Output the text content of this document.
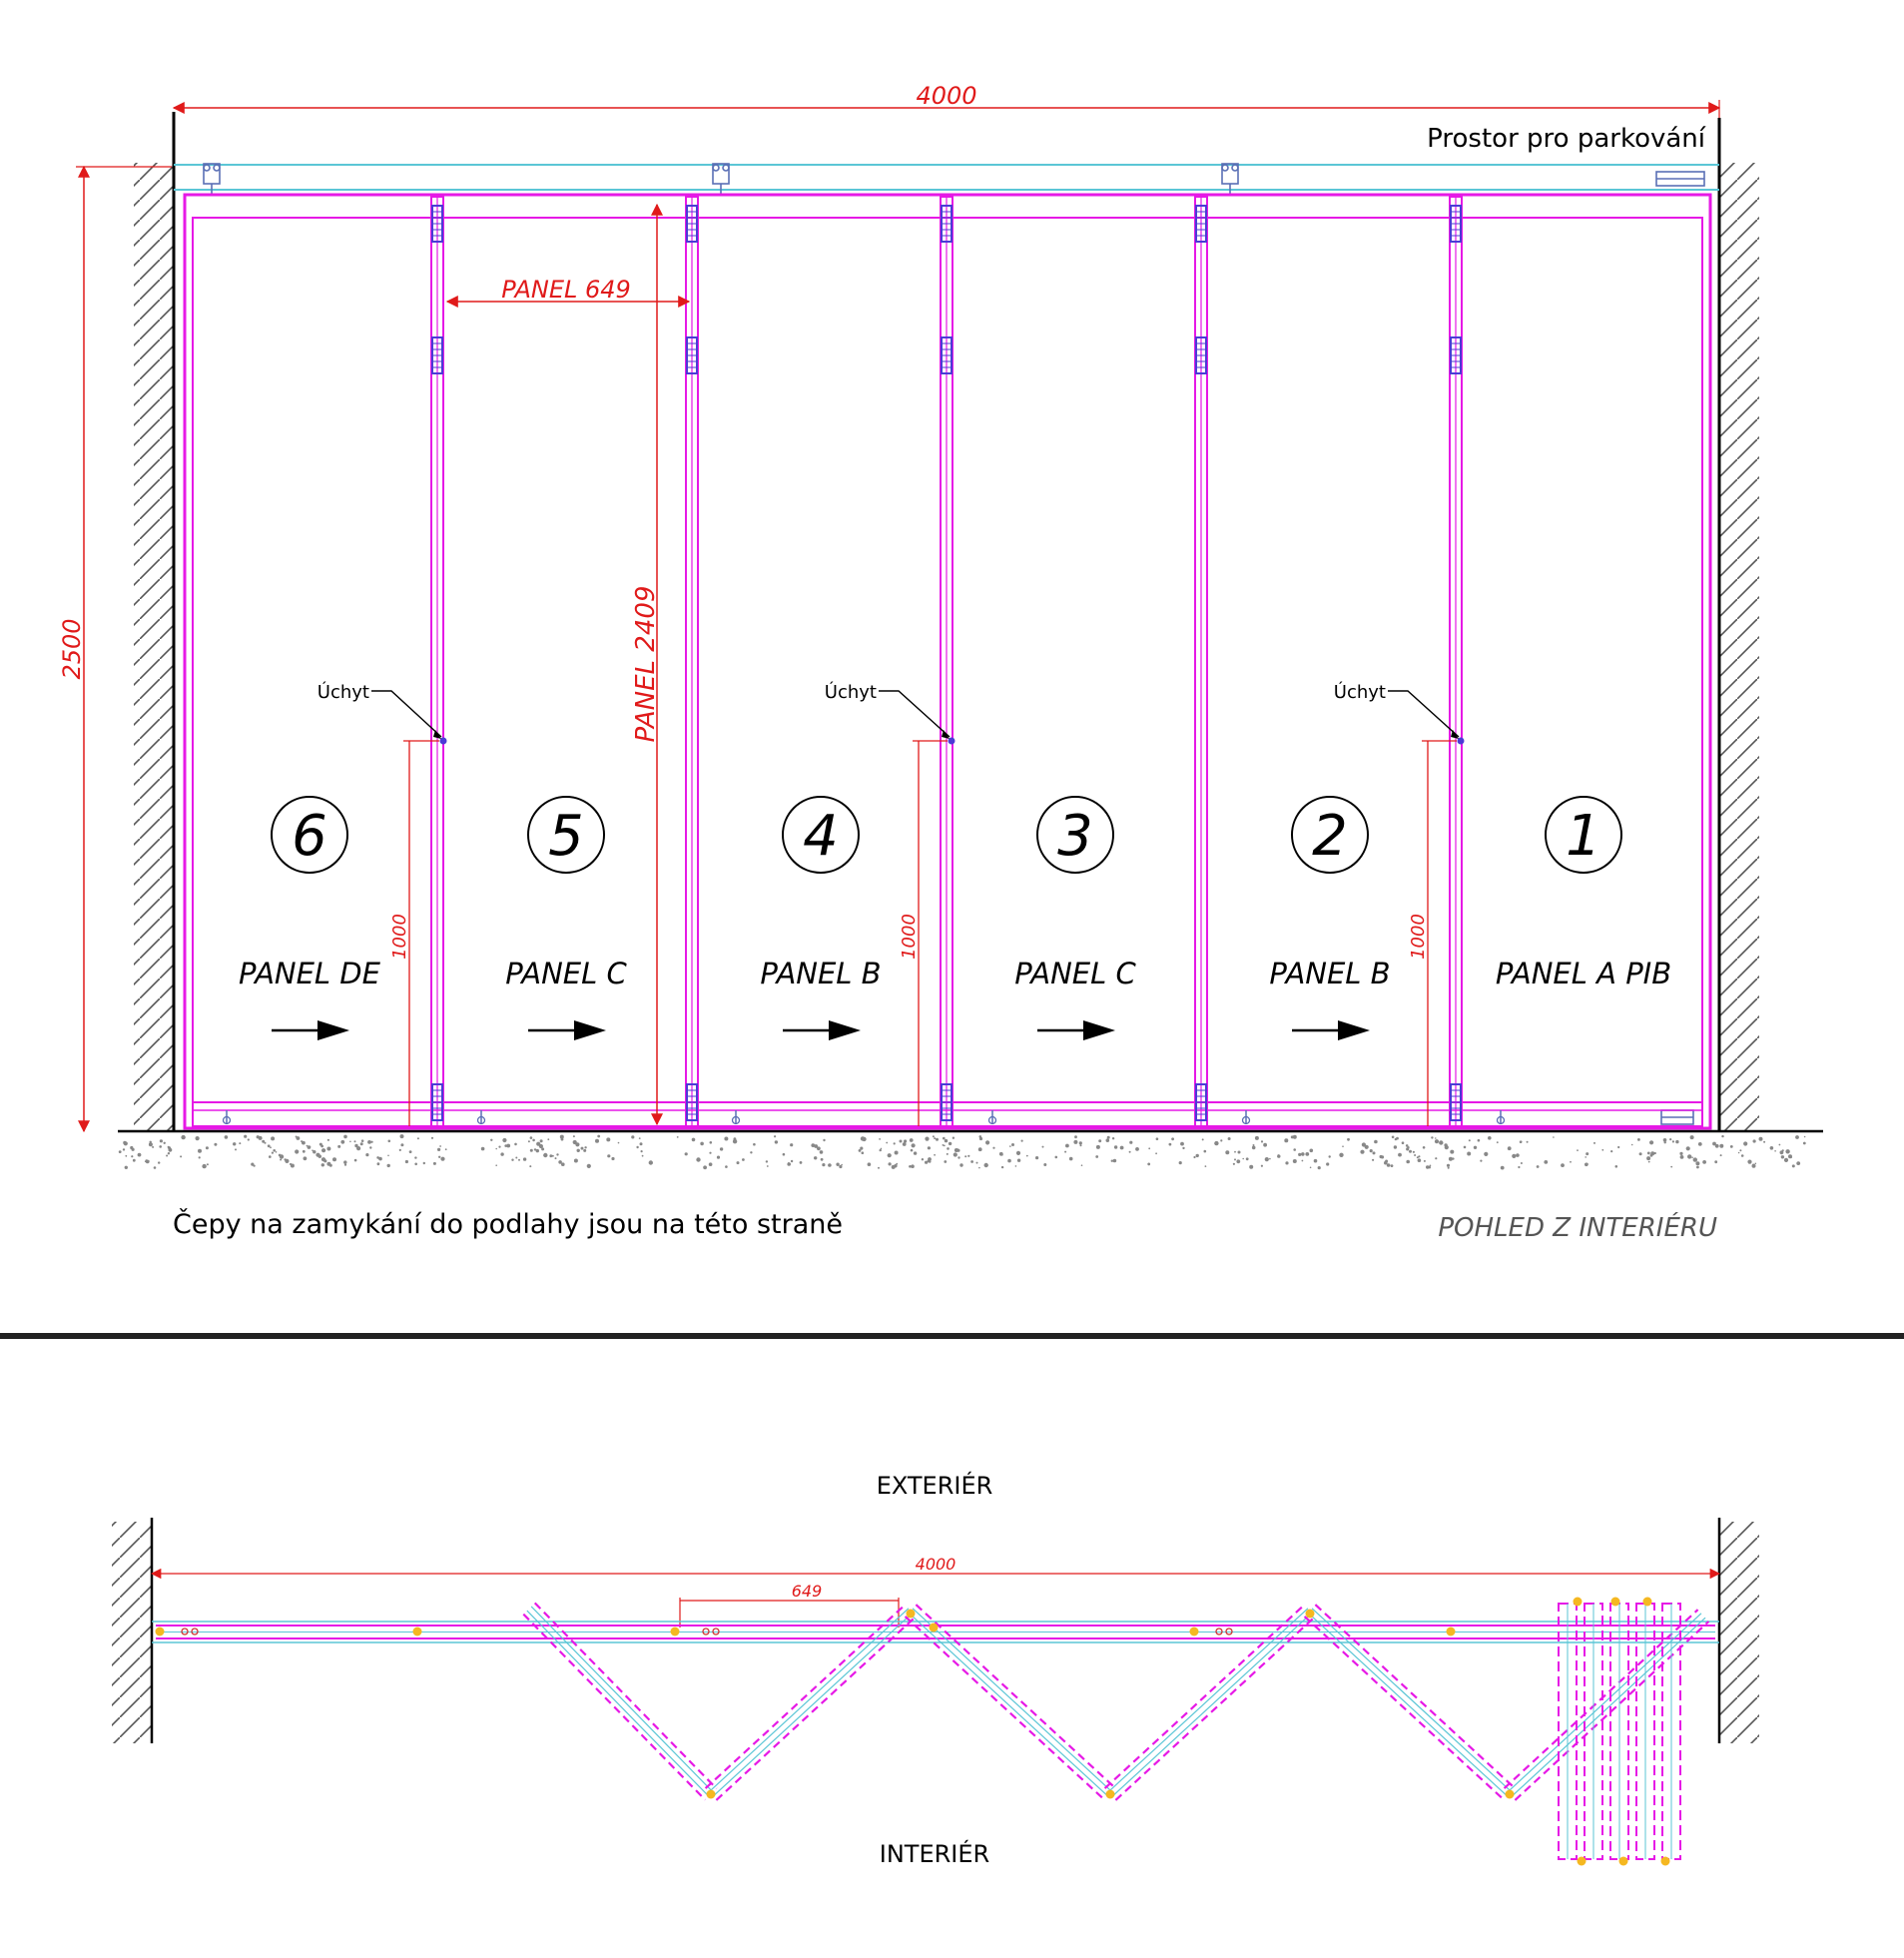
6
PANEL DE
5
PANEL C
4
PANEL B
3
PANEL C
2
PANEL B
1
PANEL A PIB
4000
2500
PANEL 649
PANEL 2409
Úchyt
1000
Úchyt
1000
Úchyt
1000
Prostor pro parkování
Čepy na zamykání do podlahy jsou na této straně	POHLED Z INTERIÉRU
EXTERIÉR
INTERIÉR
4000
649
